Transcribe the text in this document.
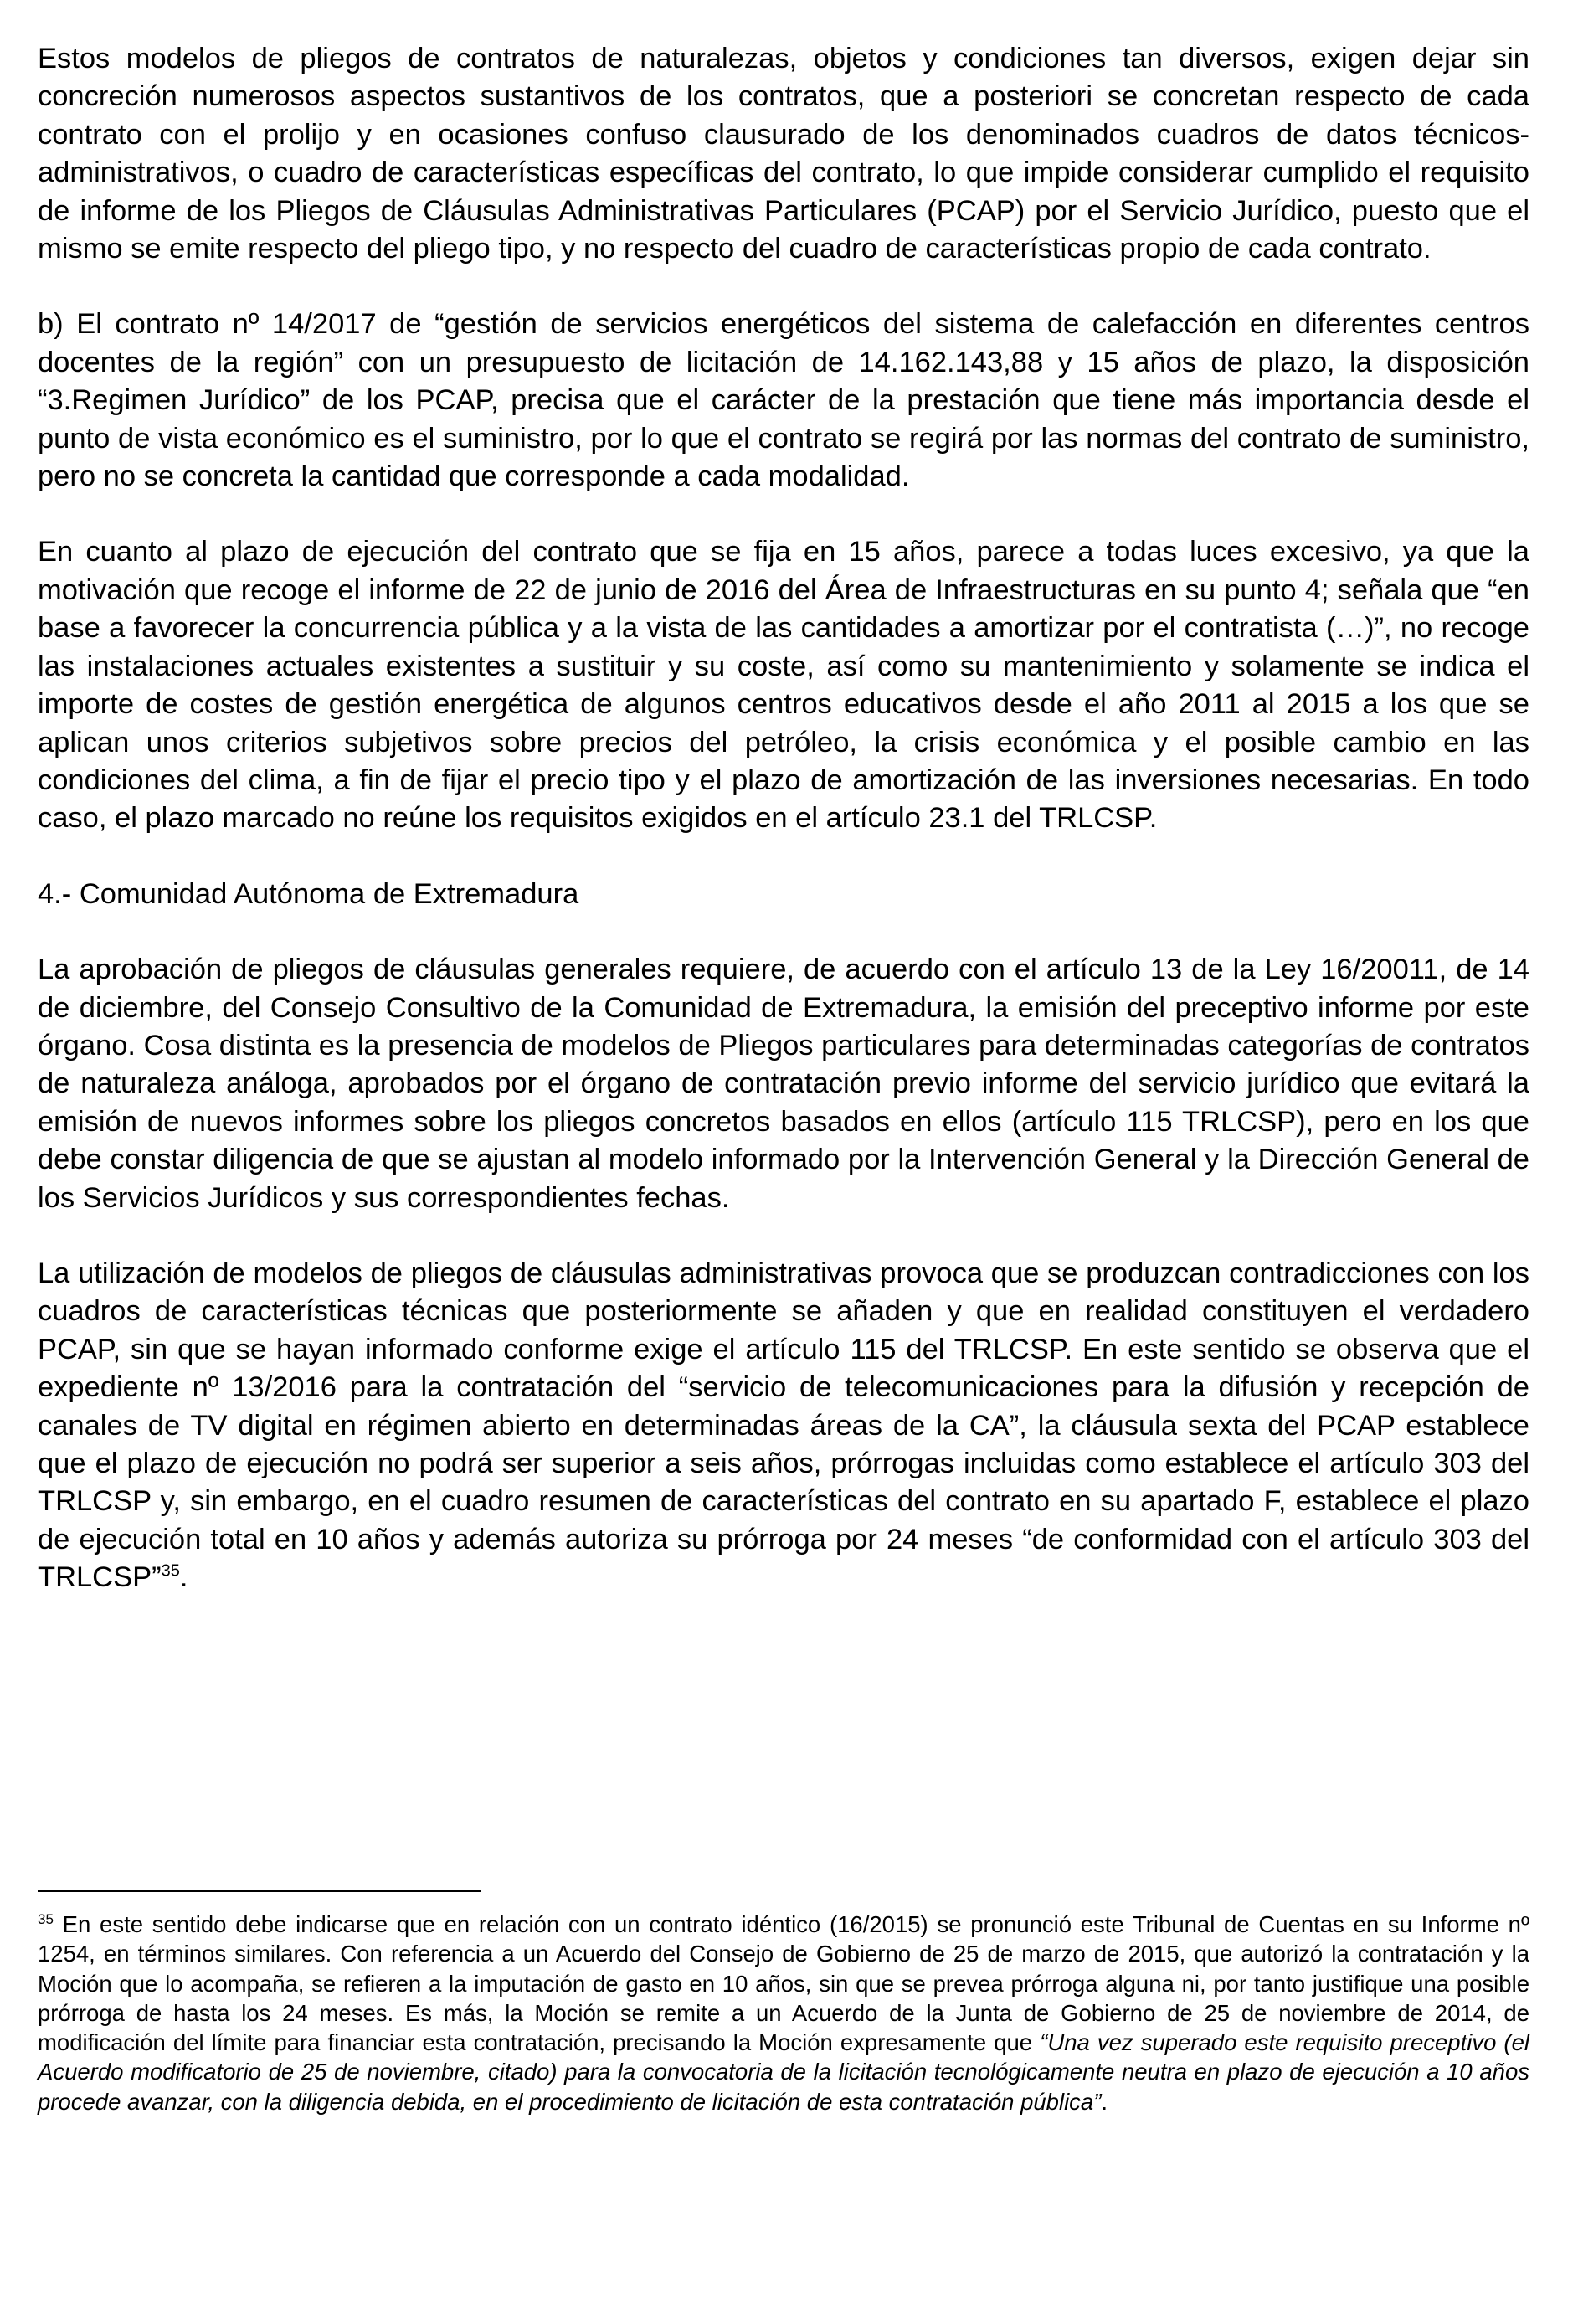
Estos modelos de pliegos de contratos de naturalezas, objetos y condiciones tan diversos, exigen dejar sin concreción numerosos aspectos sustantivos de los contratos, que a posteriori se concretan respecto de cada contrato con el prolijo y en ocasiones confuso clausurado de los denominados cuadros de datos técnicos- administrativos, o cuadro de características específicas del contrato, lo que impide considerar cumplido el requisito de informe de los Pliegos de Cláusulas Administrativas Particulares (PCAP) por el Servicio Jurídico, puesto que el mismo se emite respecto del pliego tipo, y no respecto del cuadro de características propio de cada contrato.

b) El contrato nº 14/2017 de “gestión de servicios energéticos del sistema de calefacción en diferentes centros docentes de la región” con un presupuesto de licitación de 14.162.143,88 y 15 años de plazo, la disposición “3.Regimen Jurídico” de los PCAP, precisa que el carácter de la prestación que tiene más importancia desde el punto de vista económico es el suministro, por lo que el contrato se regirá por las normas del contrato de suministro, pero no se concreta la cantidad que corresponde a cada modalidad.

En cuanto al plazo de ejecución del contrato que se fija en 15 años, parece a todas luces excesivo, ya que la motivación que recoge el informe de 22 de junio de 2016 del Área de Infraestructuras en su punto 4; señala que “en base a favorecer la concurrencia pública y a la vista de las cantidades a amortizar por el contratista (…)”, no recoge las instalaciones actuales existentes a sustituir y su coste, así como su mantenimiento y solamente se indica el importe de costes de gestión energética de algunos centros educativos desde el año 2011 al 2015 a los que se aplican unos criterios subjetivos sobre precios del petróleo, la crisis económica y el posible cambio en las condiciones del clima, a fin de fijar el precio tipo y el plazo de amortización de las inversiones necesarias. En todo caso, el plazo marcado no reúne los requisitos exigidos en el artículo 23.1 del TRLCSP.

4.- Comunidad Autónoma de Extremadura

La aprobación de pliegos de cláusulas generales requiere, de acuerdo con el artículo 13 de la Ley 16/20011, de 14 de diciembre, del Consejo Consultivo de la Comunidad de Extremadura, la emisión del preceptivo informe por este órgano. Cosa distinta es la presencia de modelos de Pliegos particulares para determinadas categorías de contratos de naturaleza análoga, aprobados por el órgano de contratación previo informe del servicio jurídico que evitará la emisión de nuevos informes sobre los pliegos concretos basados en ellos (artículo 115 TRLCSP), pero en los que debe constar diligencia de que se ajustan al modelo informado por la Intervención General y la Dirección General de los Servicios Jurídicos y sus correspondientes fechas.

La utilización de modelos de pliegos de cláusulas administrativas provoca que se produzcan contradicciones con los cuadros de características técnicas que posteriormente se añaden y que en realidad constituyen el verdadero PCAP, sin que se hayan informado conforme exige el artículo 115 del TRLCSP. En este sentido se observa que el expediente nº 13/2016 para la contratación del “servicio de telecomunicaciones para la difusión y recepción de canales de TV digital en régimen abierto en determinadas áreas de la CA”, la cláusula sexta del PCAP establece que el plazo de ejecución no podrá ser superior a seis años, prórrogas incluidas como establece el artículo 303 del TRLCSP y, sin embargo, en el cuadro resumen de características del contrato en su apartado F, establece el plazo de ejecución total en 10 años y además autoriza su prórroga por 24 meses “de conformidad con el artículo 303 del TRLCSP”$^{35}$.

$^{35}$ En este sentido debe indicarse que en relación con un contrato idéntico (16/2015) se pronunció este Tribunal de Cuentas en su Informe nº 1254, en términos similares. Con referencia a un Acuerdo del Consejo de Gobierno de 25 de marzo de 2015, que autorizó la contratación y la Moción que lo acompaña, se refieren a la imputación de gasto en 10 años, sin que se prevea prórroga alguna ni, por tanto justifique una posible prórroga de hasta los 24 meses. Es más, la Moción se remite a un Acuerdo de la Junta de Gobierno de 25 de noviembre de 2014, de modificación del límite para financiar esta contratación, precisando la Moción expresamente que “Una vez superado este requisito preceptivo (el Acuerdo modificatorio de 25 de noviembre, citado) para la convocatoria de la licitación tecnológicamente neutra en plazo de ejecución a 10 años procede avanzar, con la diligencia debida, en el procedimiento de licitación de esta contratación pública”.
